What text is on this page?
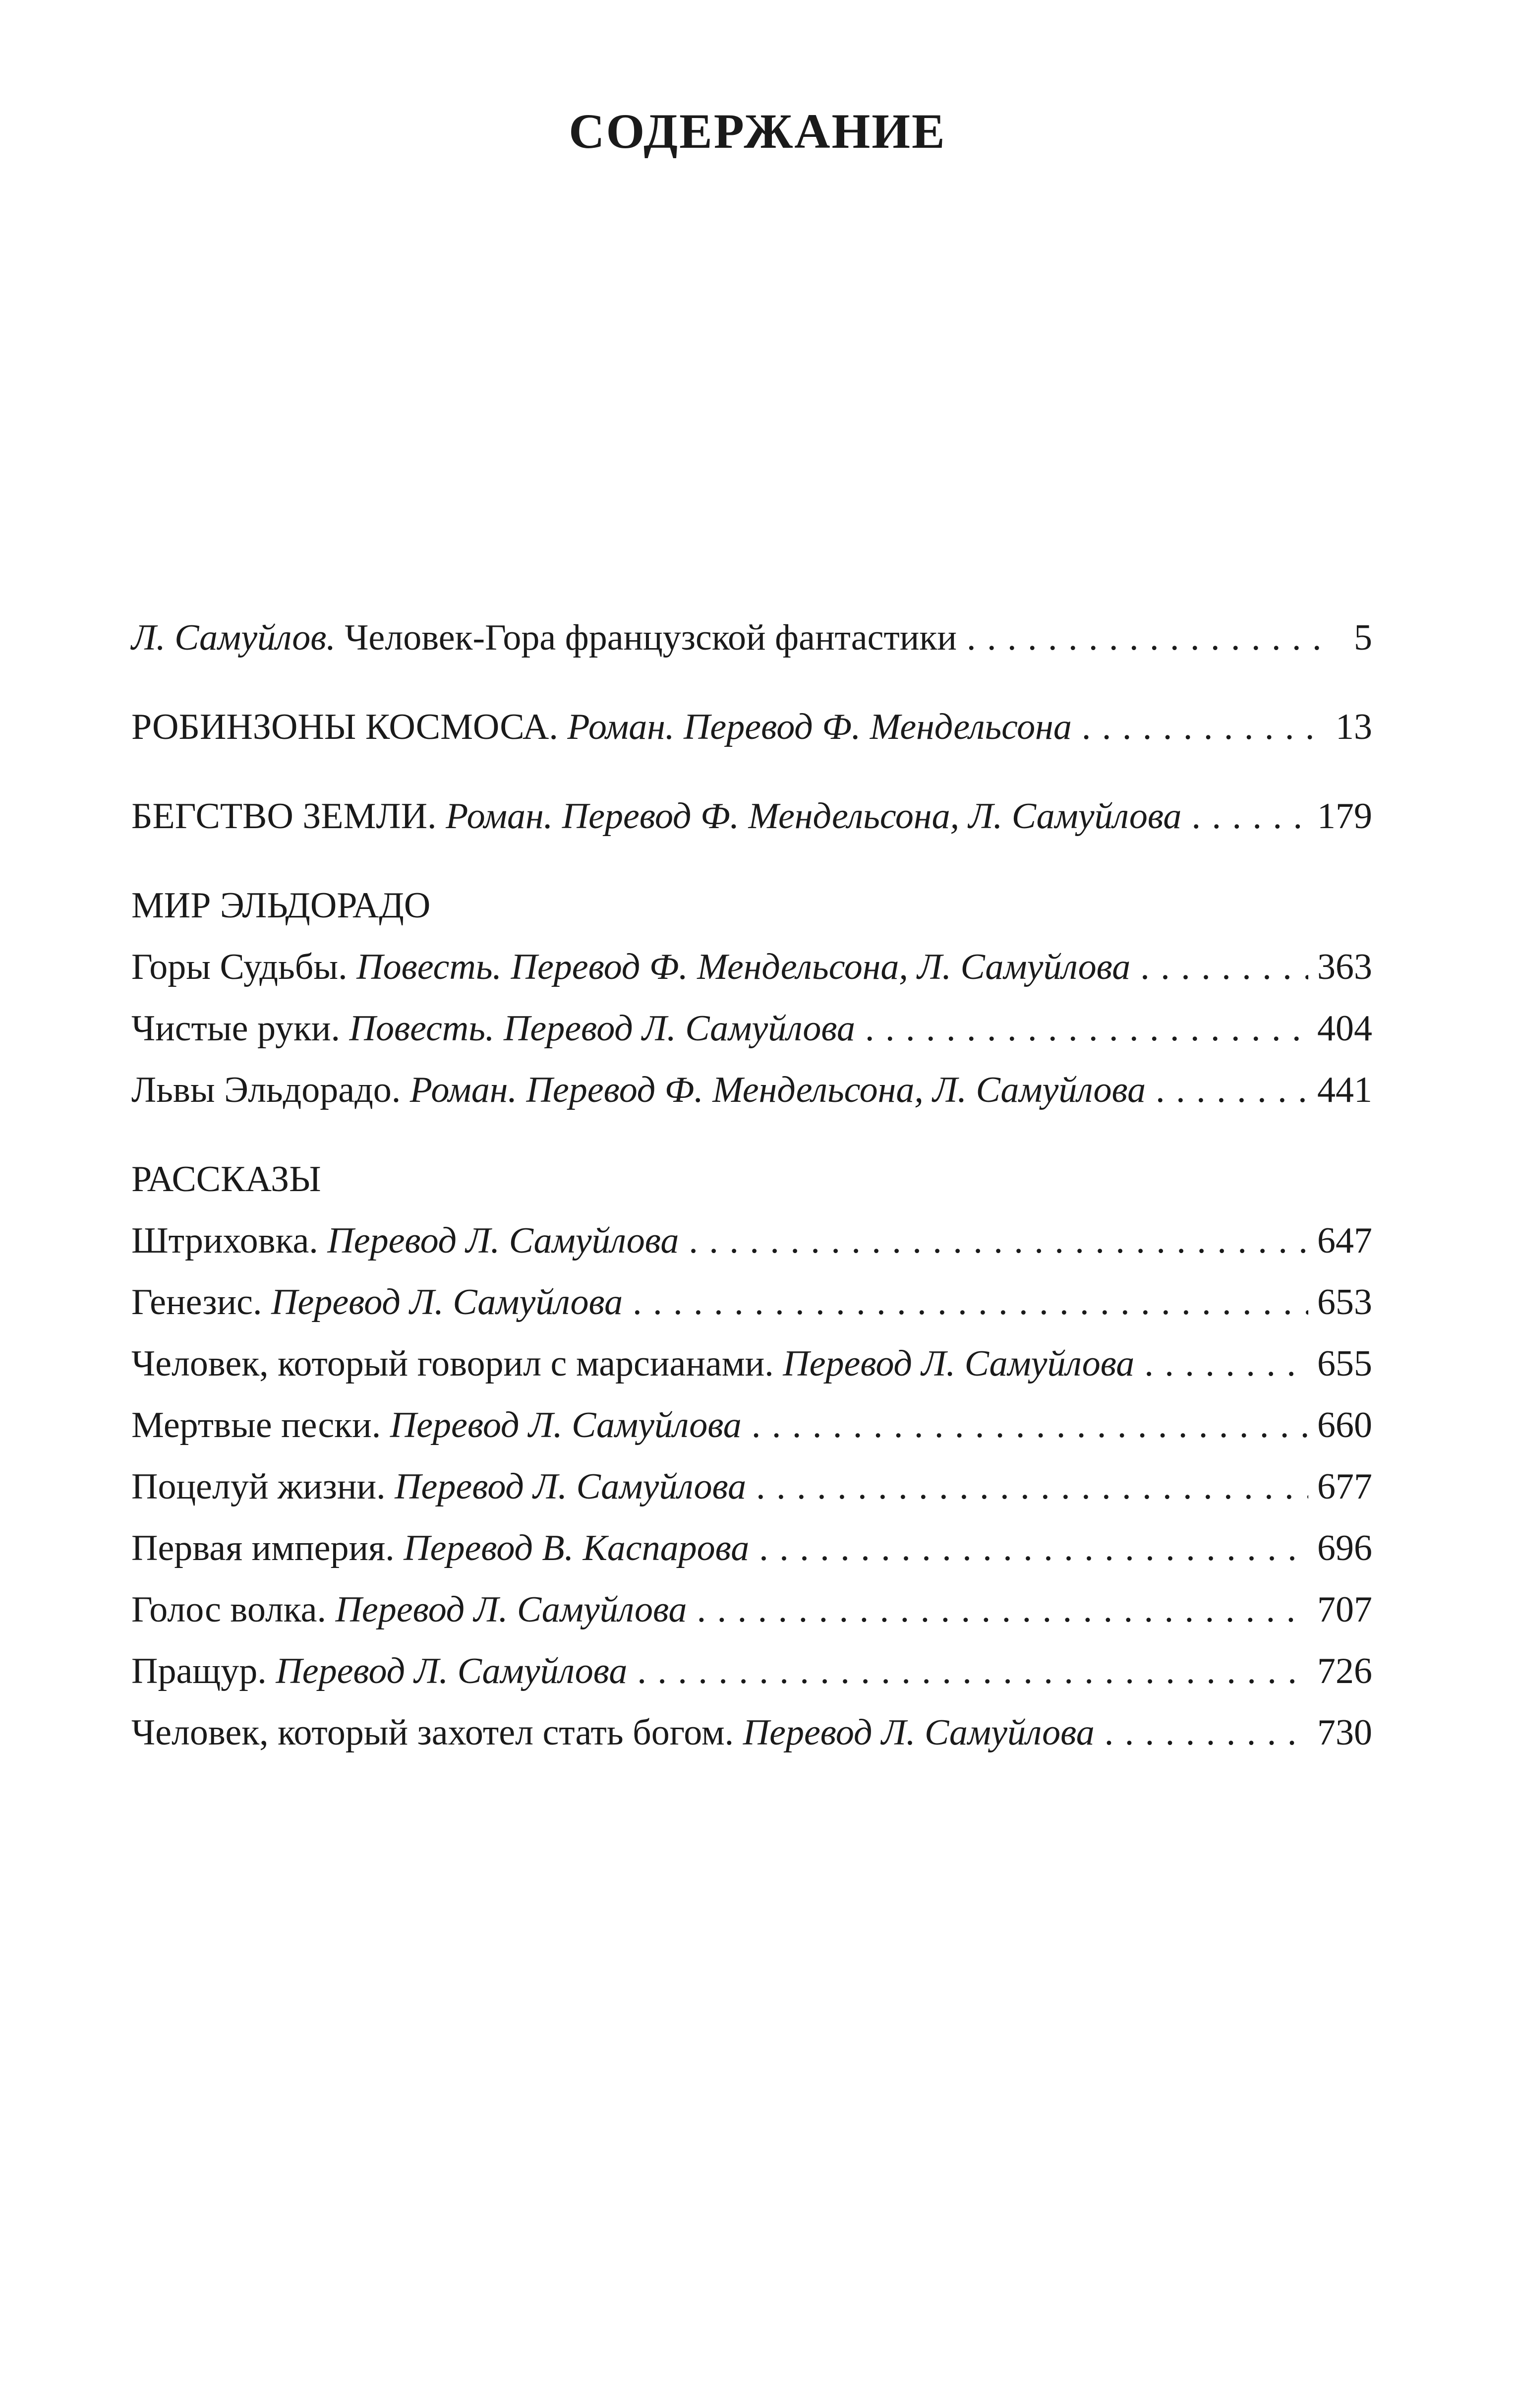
СОДЕРЖАНИЕ
Л. Самуйлов. Человек-Гора французской фантастики . . .	5
РОБИНЗОНЫ КОСМОСА. Роман. Перевод Ф. Мендельсона . . .	13
БЕГСТВО ЗЕМЛИ. Роман. Перевод Ф. Мендельсона, Л. Самуйлова . . .	179
МИР ЭЛЬДОРАДО
Горы Судьбы. Повесть. Перевод Ф. Мендельсона, Л. Самуйлова . . .	363
Чистые руки. Повесть. Перевод Л. Самуйлова . . .	404
Львы Эльдорадо. Роман. Перевод Ф. Мендельсона, Л. Самуйлова . . .	441
РАССКАЗЫ
Штриховка. Перевод Л. Самуйлова . . .	647
Генезис. Перевод Л. Самуйлова . . .	653
Человек, который говорил с марсианами. Перевод Л. Самуйлова . . .	655
Мертвые пески. Перевод Л. Самуйлова . . .	660
Поцелуй жизни. Перевод Л. Самуйлова . . .	677
Первая империя. Перевод В. Каспарова . . .	696
Голос волка. Перевод Л. Самуйлова . . .	707
Пращур. Перевод Л. Самуйлова . . .	726
Человек, который захотел стать богом. Перевод Л. Самуйлова . . .	730
